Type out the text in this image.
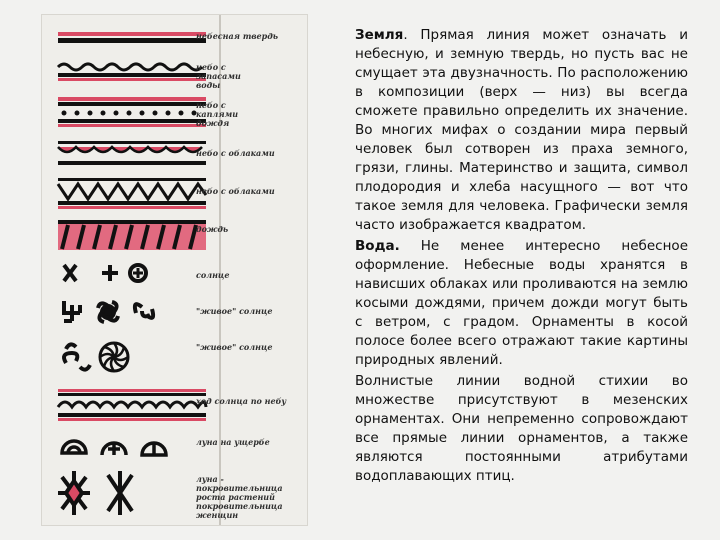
небесная твердь
небо с запасами воды
небо с каплями дождя
небо с облаками
небо с облаками
дождь
солнце
"живое" солнце
"живое" солнце
ход солнца по небу
луна на ущербе
луна - покровительница роста растений покровительница женщин

Земля. Прямая линия может означать и небесную, и земную твердь, но пусть вас не смущает эта двузначность. По расположению в композиции (верх — низ) вы всегда сможете правильно определить их значение. Во многих мифах о создании мира первый человек был сотворен из праха земного, грязи, глины. Материнство и защита, символ плодородия и хлеба насущного — вот что такое земля для человека. Графически земля часто изображается квадратом.

Вода. Не менее интересно небесное оформление. Небесные воды хранятся в нависших облаках или проливаются на землю косыми дождями, причем дожди могут быть с ветром, с градом. Орнаменты в косой полосе более всего отражают такие картины природных явлений.

Волнистые линии водной стихии во множестве присутствуют в мезенских орнаментах. Они непременно сопровождают все прямые линии орнаментов, а также являются постоянными атрибутами водоплавающих птиц.
